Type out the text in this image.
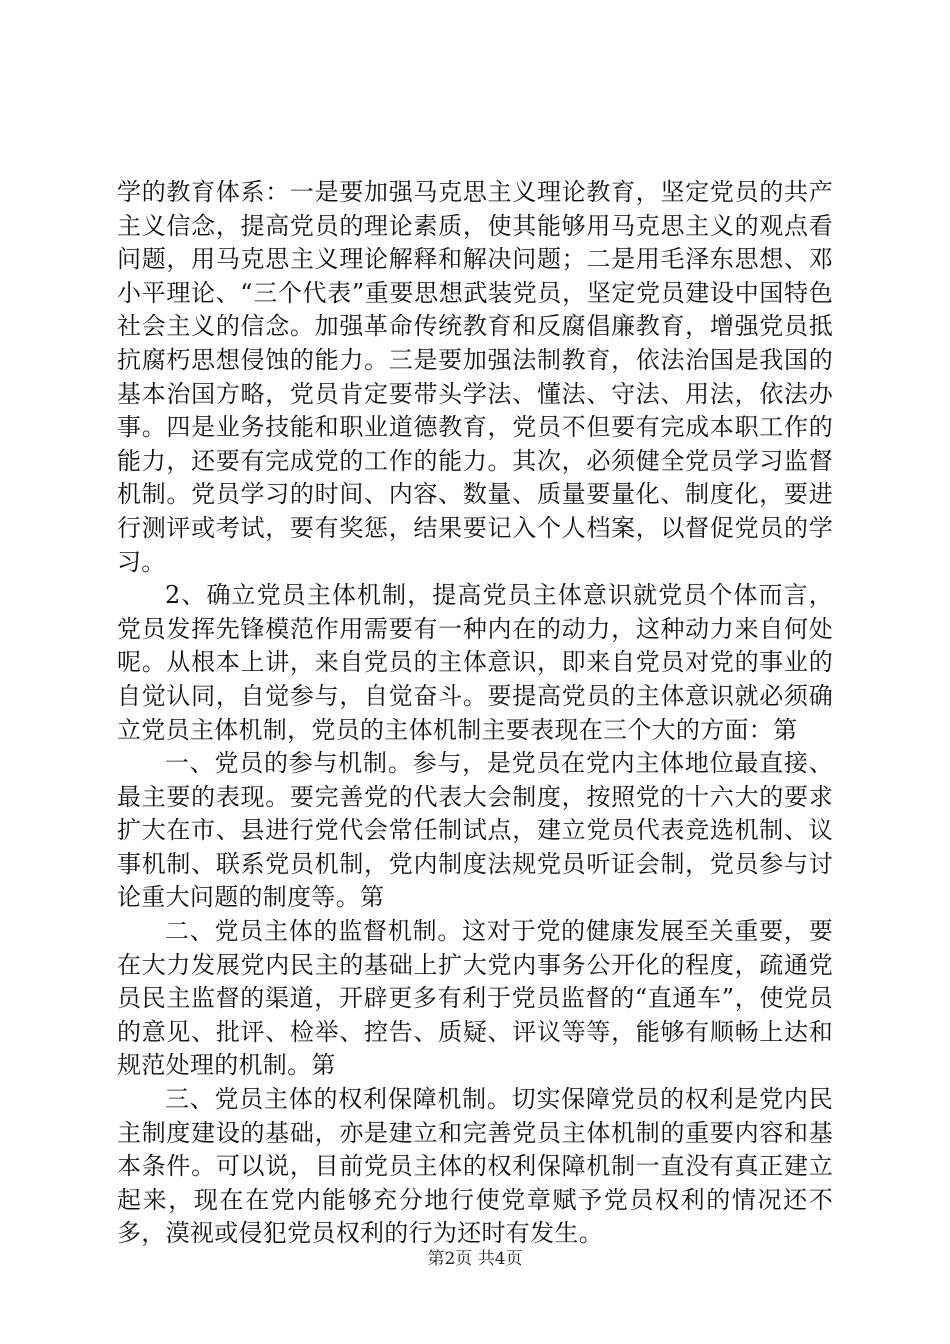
学的教育体系：一是要加强马克思主义理论教育，坚定党员的共产主义信念，提高党员的理论素质，使其能够用马克思主义的观点看问题，用马克思主义理论解释和解决问题；二是用毛泽东思想、邓小平理论、“三个代表”重要思想武装党员，坚定党员建设中国特色社会主义的信念。加强革命传统教育和反腐倡廉教育，增强党员抵抗腐朽思想侵蚀的能力。三是要加强法制教育，依法治国是我国的基本治国方略，党员肯定要带头学法、懂法、守法、用法，依法办事。四是业务技能和职业道德教育，党员不但要有完成本职工作的能力，还要有完成党的工作的能力。其次，必须健全党员学习监督机制。党员学习的时间、内容、数量、质量要量化、制度化，要进行测评或考试，要有奖惩，结果要记入个人档案，以督促党员的学习。

2、确立党员主体机制，提高党员主体意识就党员个体而言，党员发挥先锋模范作用需要有一种内在的动力，这种动力来自何处呢。从根本上讲，来自党员的主体意识，即来自党员对党的事业的自觉认同，自觉参与，自觉奋斗。要提高党员的主体意识就必须确立党员主体机制，党员的主体机制主要表现在三个大的方面：第

一、党员的参与机制。参与，是党员在党内主体地位最直接、最主要的表现。要完善党的代表大会制度，按照党的十六大的要求扩大在市、县进行党代会常任制试点，建立党员代表竞选机制、议事机制、联系党员机制，党内制度法规党员听证会制，党员参与讨论重大问题的制度等。第

二、党员主体的监督机制。这对于党的健康发展至关重要，要在大力发展党内民主的基础上扩大党内事务公开化的程度，疏通党员民主监督的渠道，开辟更多有利于党员监督的“直通车”，使党员的意见、批评、检举、控告、质疑、评议等等，能够有顺畅上达和规范处理的机制。第

三、党员主体的权利保障机制。切实保障党员的权利是党内民主制度建设的基础，亦是建立和完善党员主体机制的重要内容和基本条件。可以说，目前党员主体的权利保障机制一直没有真正建立起来，现在在党内能够充分地行使党章赋予党员权利的情况还不多，漠视或侵犯党员权利的行为还时有发生。

第2页 共4页
